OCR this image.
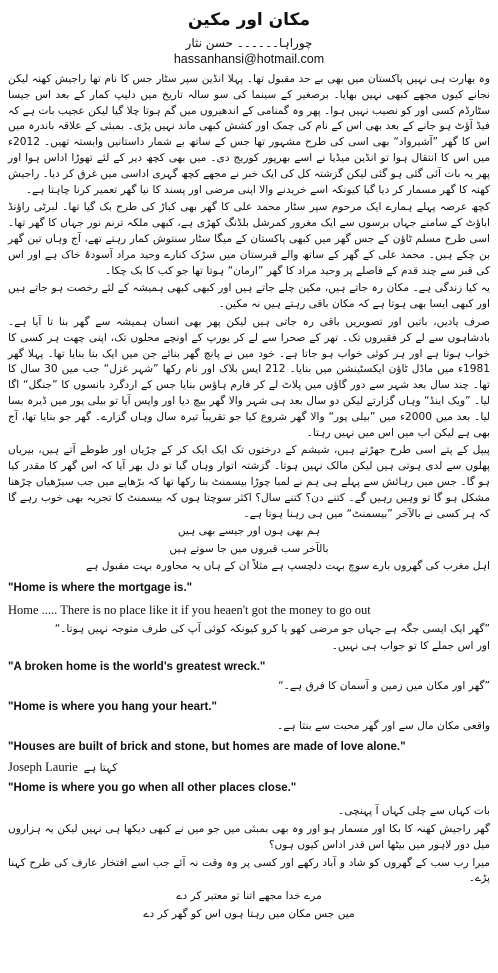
مکان اور مکین
چوراہا۔۔۔۔۔۔ حسن نثار
hassanhansi@hotmail.com

وہ بھارت ہی نہیں پاکستان میں بھی بے حد مقبول تھا۔ پہلا انڈین سپر سٹار جس کا نام تھا راجیش کھنہ لیکن نجانے کیوں مجھے کبھی نہیں بھایا۔ برصغیر کے سینما کی سو سالہ تاریخ میں دلیپ کمار کے بعد اس جیسا سٹارڈم کسی اور کو نصیب نہیں ہوا۔ پھر وہ گمنامی کے اندھیروں میں گم ہوتا چلا گیا لیکن عجیب بات ہے کہ فیڈ آؤٹ ہو جانے کے بعد بھی اس کے نام کی چمک اور کشش کبھی ماند نہیں پڑی۔ بمبئی کے علاقہ باندرہ میں اس کا گھر ”آشیرواد“ بھی اسی کی طرح مشہور تھا جس کے ساتھ بے شمار داستانیں وابستہ تھیں۔ 2012ء میں اس کا انتقال ہوا تو انڈین میڈیا نے اسے بھرپور کوریج دی۔ میں بھی کچھ دیر کے لئے تھوڑا اداس ہوا اور پھر یہ بات آئی گئی ہو گئی لیکن گزشتہ کل کی ایک خبر نے مجھے کچھ گہری اداسی میں غرق کر دیا۔ راجیش کھنہ کا گھر مسمار کر دیا گیا کیونکہ اسے خریدنے والا اپنی مرضی اور پسند کا نیا گھر تعمیر کرنا چاہتا ہے۔

کچھ عرصہ پہلے ہمارے ایک مرحوم سپر سٹار محمد علی کا گھر بھی کباڑ کی طرح بک گیا تھا۔ لبرٹی راؤنڈ اباؤٹ کے سامنے جہاں برسوں سے ایک مغرور کمرشل بلڈنگ کھڑی ہے، کبھی ملکہ ترنم نور جہاں کا گھر تھا۔ اسی طرح مسلم ٹاؤن کے جس گھر میں کبھی پاکستان کے میگا سٹار سنتوش کمار رہتے تھے، آج وہاں تین گھر بن چکے ہیں۔ محمد علی کے گھر کے ساتھ والے قبرستان میں سڑک کنارے وحید مراد آسودۂ خاک ہے اور اس کی قبر سے چند قدم کے فاصلے پر وحید مراد کا گھر ”ارمان“ ہوتا تھا جو کب کا بک چکا۔

یہ کیا زندگی ہے۔ مکان رہ جاتے ہیں، مکین چلے جاتے ہیں اور کبھی کبھی ہمیشہ کے لئے رخصت ہو جاتے ہیں اور کبھی ایسا بھی ہوتا ہے کہ مکان باقی رہتے ہیں نہ مکین۔

صرف یادیں، باتیں اور تصویریں باقی رہ جاتی ہیں لیکن پھر بھی انسان ہمیشہ سے گھر بنا تا آیا ہے۔ بادشاہوں سے لے کر فقیروں تک۔ تھر کے صحرا سے لے کر یورپ کے اونچے محلوں تک، اپنی چھت ہر کسی کا خواب ہوتا ہے اور ہر کوئی خواب ہو جاتا ہے۔ خود میں نے پانچ گھر بنائے جن میں ایک بنا بنایا تھا۔ پہلا گھر 1981ء میں ماڈل ٹاؤن ایکسٹینشن میں بنایا۔ 212 ایس بلاک اور نام رکھا ”شہر غزل“ جب میں 30 سال کا تھا۔ چند سال بعد شہر سے دور گاؤں میں پلاٹ لے کر فارم ہاؤس بنایا جس کے اردگرد بانسوں کا ”جنگل“ اگا لیا۔ ”ویک اینڈ“ وہاں گزارتے لیکن دو سال بعد ہی شہر والا گھر بیچ دیا اور واپس آیا تو بیلی پور میں ڈیرہ بسا لیا۔ بعد میں 2000ء میں ”بیلی پور“ والا گھر شروع کیا جو تقریباً تیرہ سال وہاں گزارے۔ گھر جو بنایا تھا، آج بھی ہے لیکن اب میں اس میں نہیں رہتا۔

پیپل کے پتے اسی طرح جھڑتے ہیں، شیشم کے درختوں تک ایک ایک کر کے چڑیاں اور طوطے آتے ہیں، بیریاں پھلوں سے لدی ہوتی ہیں لیکن مالک نہیں ہوتا۔ گزشتہ اتوار وہاں گیا تو دل بھر آیا کہ اس گھر کا مقدر کیا ہو گا۔ جس میں رہائش سے پہلے ہی ہم نے لمبا چوڑا بیسمنٹ بنا رکھا تھا کہ بڑھاپے میں جب سیڑھیاں چڑھنا مشکل ہو گا تو وہیں رہیں گے۔ کتنے دن؟ کتنے سال؟ اکثر سوچتا ہوں کہ بیسمنٹ کا تجربہ بھی خوب رہے گا کہ ہر کسی نے بالآخر ”بیسمنٹ“ میں ہی رہنا ہوتا ہے۔

ہم بھی ہوں اور جیسے بھی ہیں
بالآخر سب قبروں میں جا سوتے ہیں

اہل مغرب کی گھروں بارے سوچ بہت دلچسپ ہے مثلاً ان کے ہاں یہ محاورہ بہت مقبول ہے

"Home is where the mortgage is."
Home ..... There is no place like it if you heaen't got the money to go out
”گھر ایک ایسی جگہ ہے جہاں جو مرضی کھو یا کرو کیونکہ کوئی آپ کی طرف متوجہ نہیں ہوتا۔“
اور اس جملے کا تو جواب ہی نہیں۔
"A broken home is the world's greatest wreck."
”گھر اور مکان میں زمین و آسمان کا فرق ہے۔“
"Home is where you hang your heart."
واقعی مکان مال سے اور گھر محبت سے بنتا ہے۔
"Houses are built of brick and stone, but homes are made of love alone."
Joseph Laurie کہتا ہے
"Home is where you go when all other places close."

بات کہاں سے چلی کہاں آ پہنچی۔

گھر راجیش کھنہ کا بکا اور مسمار ہو اور وہ بھی بمبئی میں جو میں نے کبھی دیکھا ہی نہیں لیکن یہ ہزاروں میل دور لاہور میں بیٹھا اس قدر اداس کیوں ہوں؟

میرا رب سب کے گھروں کو شاد و آباد رکھے اور کسی پر وہ وقت نہ آئے جب اسے افتخار عارف کی طرح کہنا پڑے۔

مرے خدا مجھے اتنا تو معتبر کر دے
میں جس مکان میں رہتا ہوں اس کو گھر کر دے
